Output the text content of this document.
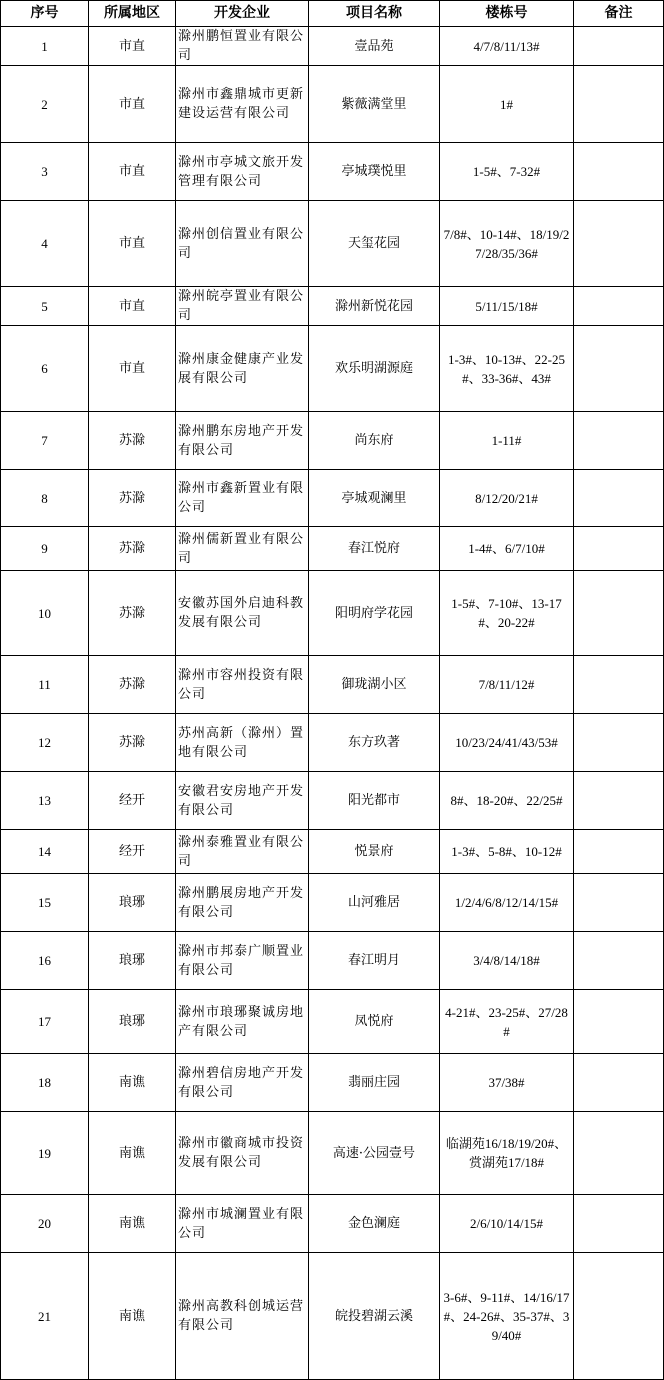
序号	所属地区	开发企业	项目名称	楼栋号	备注
1	市直	滁州鹏恒置业有限公司	壹品苑	4/7/8/11/13#	
2	市直	滁州市鑫鼎城市更新建设运营有限公司	紫薇满堂里	1#	
3	市直	滁州市亭城文旅开发管理有限公司	亭城璞悦里	1-5#、7-32#	
4	市直	滁州创信置业有限公司	天玺花园	7/8#、10-14#、18/19/27/28/35/36#	
5	市直	滁州皖亭置业有限公司	滁州新悦花园	5/11/15/18#	
6	市直	滁州康金健康产业发展有限公司	欢乐明湖源庭	1-3#、10-13#、22-25#、33-36#、43#	
7	苏滁	滁州鹏东房地产开发有限公司	尚东府	1-11#	
8	苏滁	滁州市鑫新置业有限公司	亭城观澜里	8/12/20/21#	
9	苏滁	滁州儒新置业有限公司	春江悦府	1-4#、6/7/10#	
10	苏滁	安徽苏国外启迪科教发展有限公司	阳明府学花园	1-5#、7-10#、13-17#、20-22#	
11	苏滁	滁州市容州投资有限公司	御珑湖小区	7/8/11/12#	
12	苏滁	苏州高新（滁州）置地有限公司	东方玖著	10/23/24/41/43/53#	
13	经开	安徽君安房地产开发有限公司	阳光都市	8#、18-20#、22/25#	
14	经开	滁州泰雅置业有限公司	悦景府	1-3#、5-8#、10-12#	
15	琅琊	滁州鹏展房地产开发有限公司	山河雅居	1/2/4/6/8/12/14/15#	
16	琅琊	滁州市邦泰广顺置业有限公司	春江明月	3/4/8/14/18#	
17	琅琊	滁州市琅琊聚诚房地产有限公司	凤悦府	4-21#、23-25#、27/28#	
18	南谯	滁州碧信房地产开发有限公司	翡丽庄园	37/38#	
19	南谯	滁州市徽商城市投资发展有限公司	高速·公园壹号	临湖苑16/18/19/20#、赏湖苑17/18#	
20	南谯	滁州市城澜置业有限公司	金色澜庭	2/6/10/14/15#	
21	南谯	滁州高教科创城运营有限公司	皖投碧湖云溪	3-6#、9-11#、14/16/17#、24-26#、35-37#、39/40#	
